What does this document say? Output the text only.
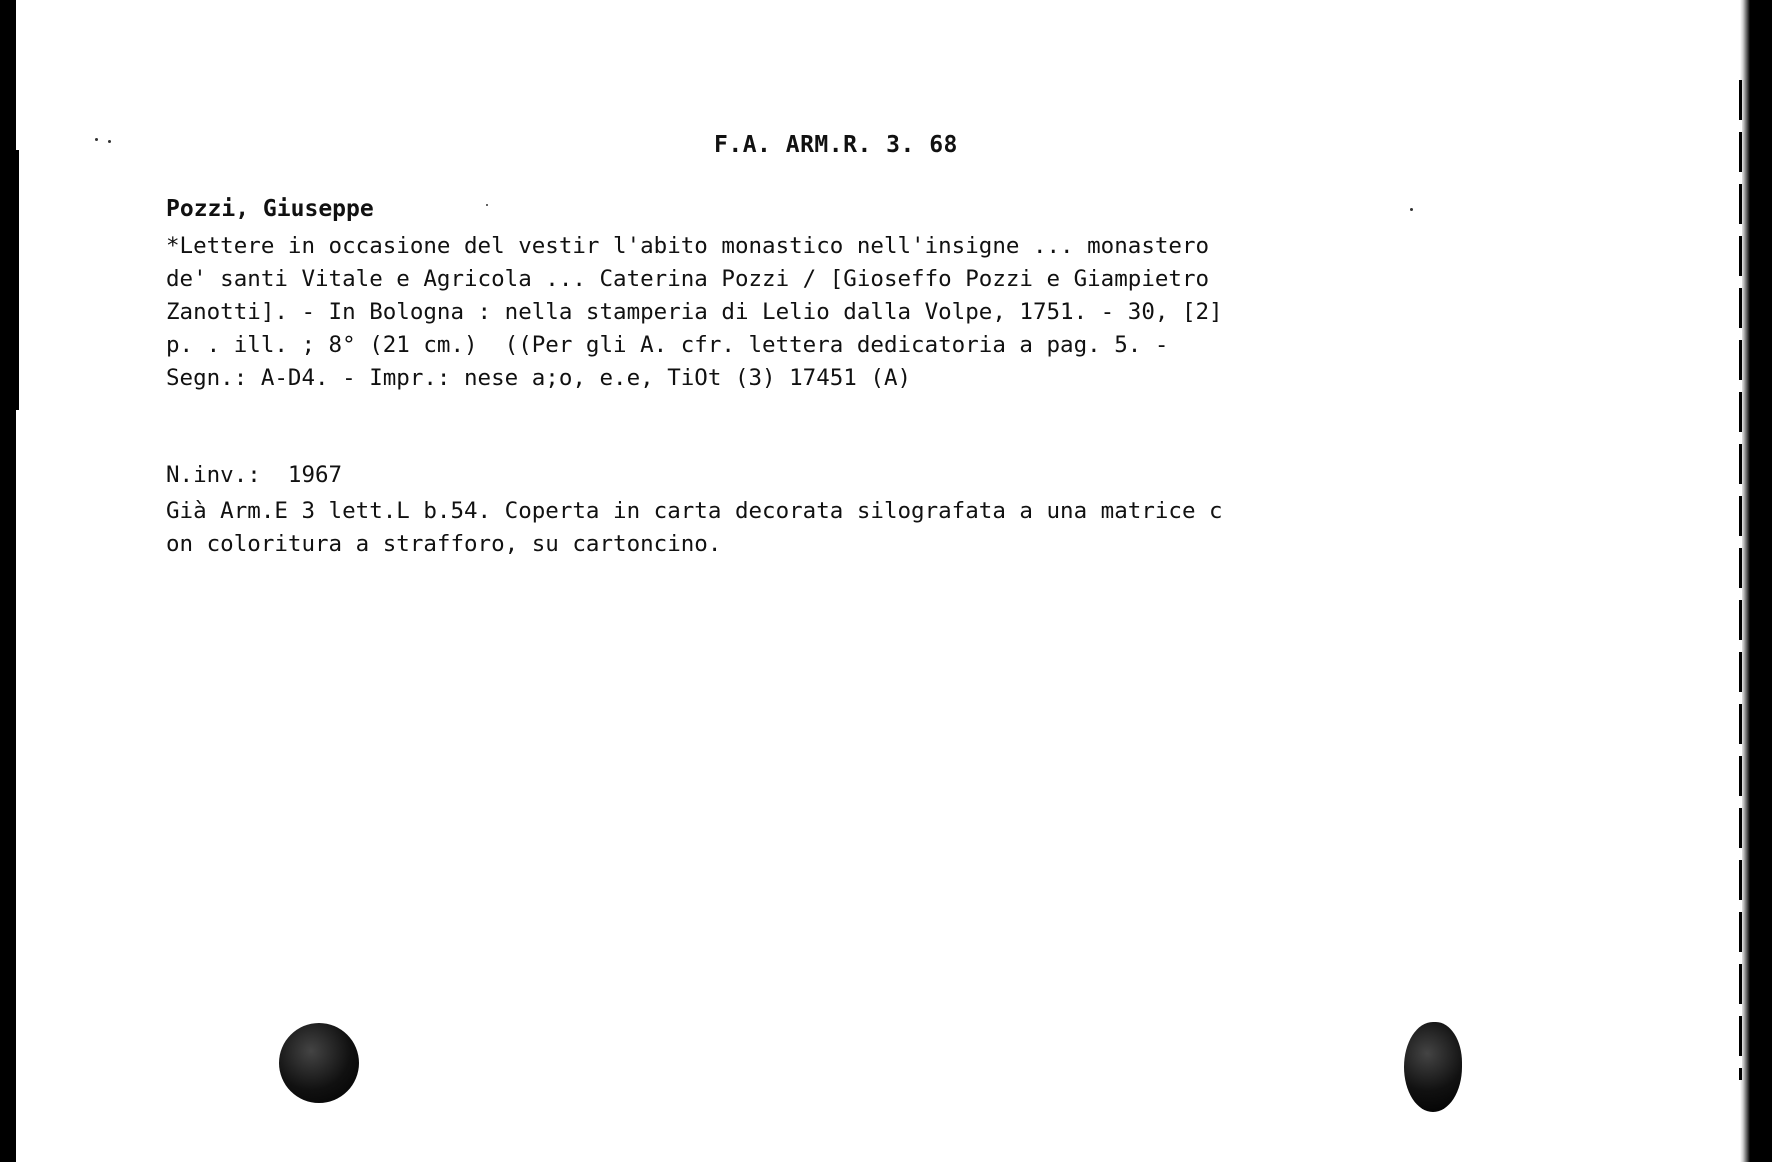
F.A. ARM.R. 3. 68
Pozzi, Giuseppe
*Lettere in occasione del vestir l'abito monastico nell'insigne ... monastero
de' santi Vitale e Agricola ... Caterina Pozzi / [Gioseffo Pozzi e Giampietro
Zanotti]. - In Bologna : nella stamperia di Lelio dalla Volpe, 1751. - 30, [2]
p. . ill. ; 8° (21 cm.)  ((Per gli A. cfr. lettera dedicatoria a pag. 5. -
Segn.: A-D4. - Impr.: nese a;o, e.e, TiOt (3) 17451 (A)
N.inv.:  1967
Già Arm.E 3 lett.L b.54. Coperta in carta decorata silografata a una matrice c
on coloritura a strafforo, su cartoncino.
